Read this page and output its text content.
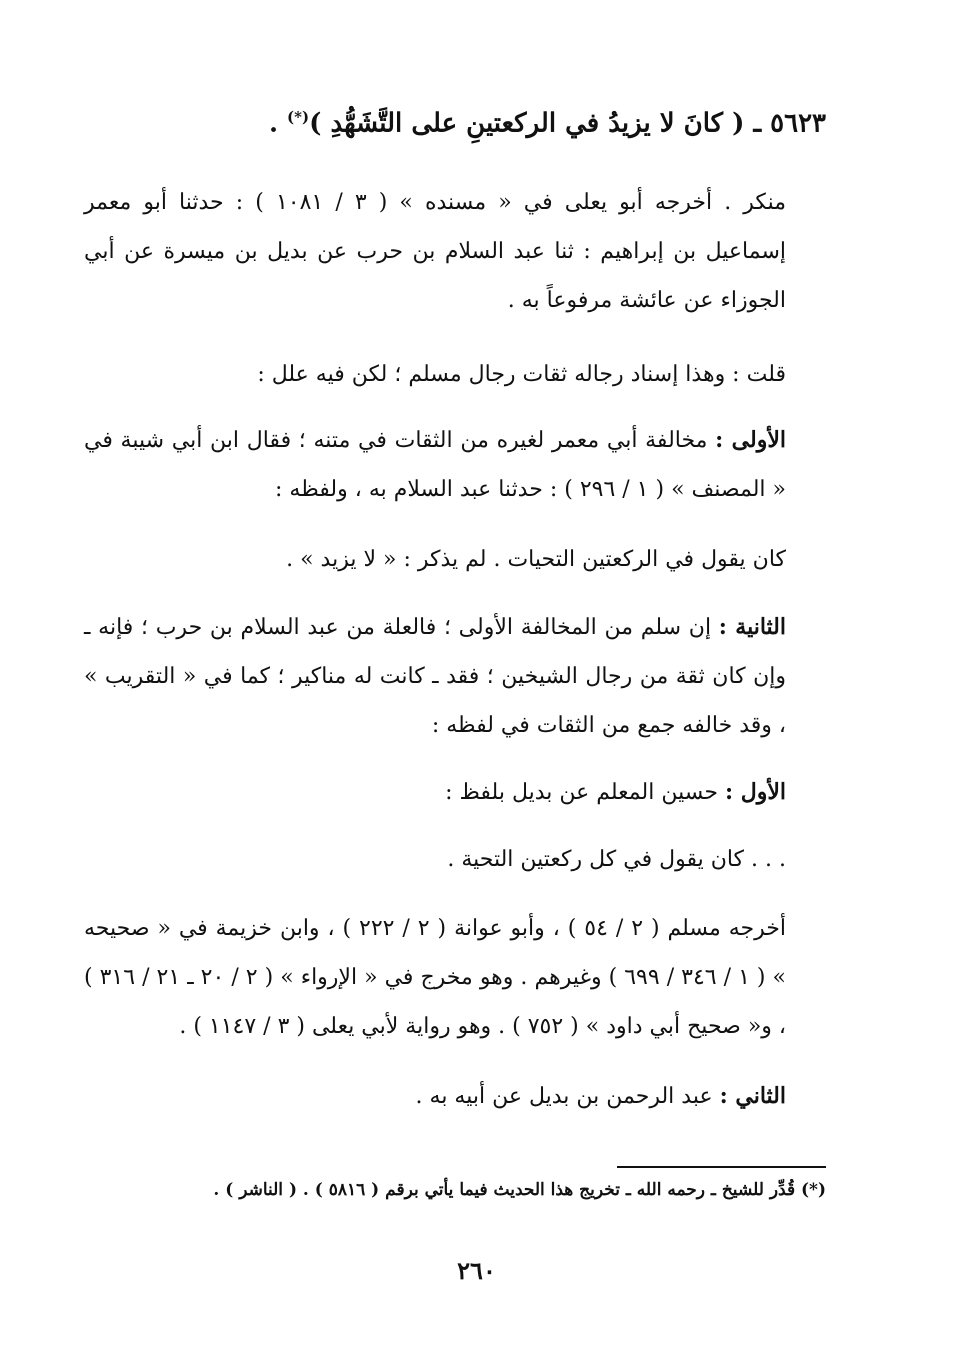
٥٦٢٣ ـ ( كانَ لا يزيدُ في الركعتينِ على التَّشَهُّدِ )(*) .

منكر . أخرجه أبو يعلى في « مسنده » ( ٣ / ١٠٨١ ) : حدثنا أبو معمر إسماعيل بن إبراهيم : ثنا عبد السلام بن حرب عن بديل بن ميسرة عن أبي الجوزاء عن عائشة مرفوعاً به .

قلت : وهذا إسناد رجاله ثقات رجال مسلم ؛ لكن فيه علل :

الأولى : مخالفة أبي معمر لغيره من الثقات في متنه ؛ فقال ابن أبي شيبة في « المصنف » ( ١ / ٢٩٦ ) : حدثنا عبد السلام به ، ولفظه :

كان يقول في الركعتين التحيات . لم يذكر : « لا يزيد » .

الثانية : إن سلم من المخالفة الأولى ؛ فالعلة من عبد السلام بن حرب ؛ فإنه ـ وإن كان ثقة من رجال الشيخين ؛ فقد ـ كانت له مناكير ؛ كما في « التقريب » ، وقد خالفه جمع من الثقات في لفظه :

الأول : حسين المعلم عن بديل بلفظ :

. . . كان يقول في كل ركعتين التحية .

أخرجه مسلم ( ٢ / ٥٤ ) ، وأبو عوانة ( ٢ / ٢٢٢ ) ، وابن خزيمة في « صحيحه » ( ١ / ٣٤٦ / ٦٩٩ ) وغيرهم . وهو مخرج في « الإرواء » ( ٢ / ٢٠ ـ ٢١ / ٣١٦ ) ، و« صحيح أبي داود » ( ٧٥٢ ) . وهو رواية لأبي يعلى ( ٣ / ١١٤٧ ) .

الثاني : عبد الرحمن بن بديل عن أبيه به .

(*) قُدِّر للشيخ ـ رحمه الله ـ تخريج هذا الحديث فيما يأتي برقم ( ٥٨١٦ ) . ( الناشر ) .

٢٦٠
